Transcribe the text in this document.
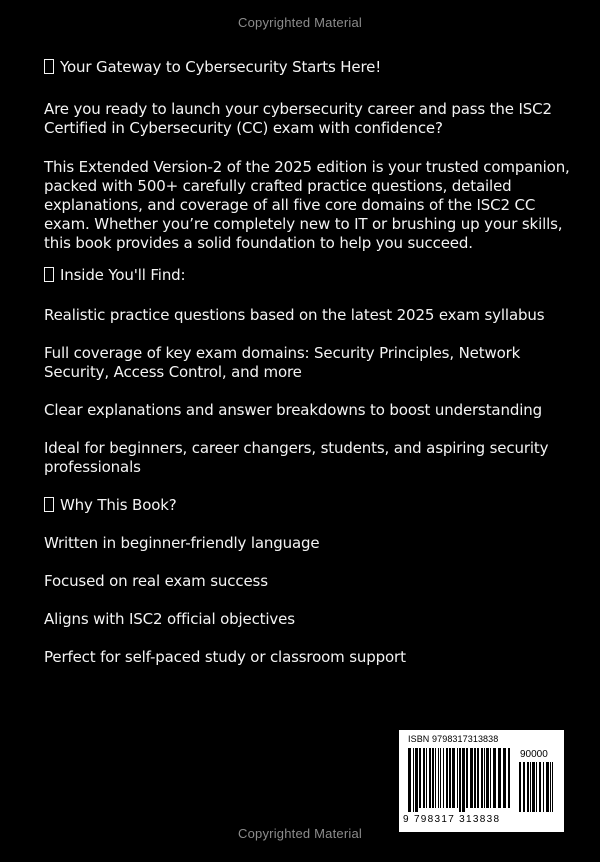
Copyrighted Material

Your Gateway to Cybersecurity Starts Here!

Are you ready to launch your cybersecurity career and pass the ISC2 Certified in Cybersecurity (CC) exam with confidence?

This Extended Version-2 of the 2025 edition is your trusted companion, packed with 500+ carefully crafted practice questions, detailed explanations, and coverage of all five core domains of the ISC2 CC exam. Whether you’re completely new to IT or brushing up your skills, this book provides a solid foundation to help you succeed.

Inside You'll Find:

Realistic practice questions based on the latest 2025 exam syllabus

Full coverage of key exam domains: Security Principles, Network Security, Access Control, and more

Clear explanations and answer breakdowns to boost understanding

Ideal for beginners, career changers, students, and aspiring security professionals

Why This Book?

Written in beginner-friendly language

Focused on real exam success

Aligns with ISC2 official objectives

Perfect for self-paced study or classroom support

ISBN 9798317313838
90000
9 798317 313838
Copyrighted Material
